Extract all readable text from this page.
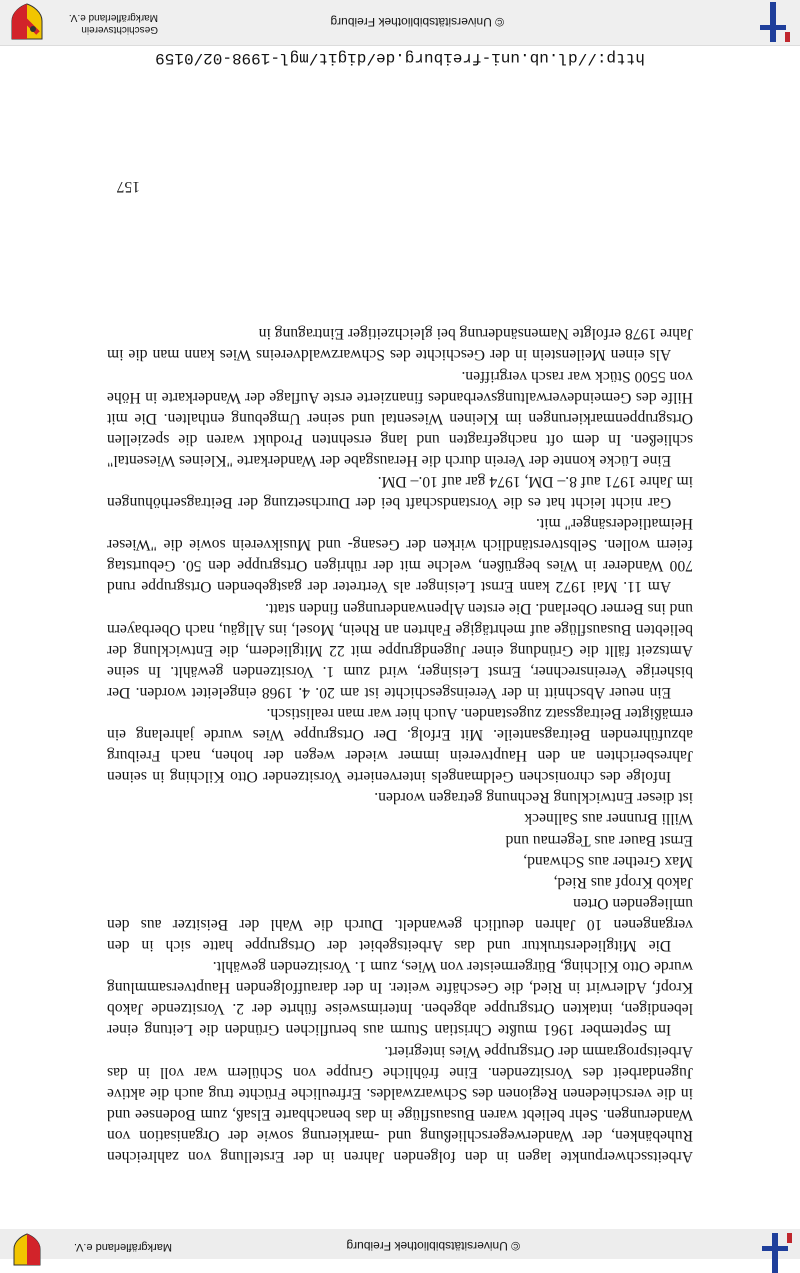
© Universitätsbibliothek Freiburg
Markgräflerland e.V.

Arbeitsschwerpunkte lagen in den folgenden Jahren in der Erstellung von zahlreichen Ruhebänken, der Wanderwegerschließung und -markierung sowie der Organisation von Wanderungen. Sehr beliebt waren Busausflüge in das benachbarte Elsaß, zum Bodensee und in die verschiedenen Regionen des Schwarzwaldes. Erfreuliche Früchte trug auch die aktive Jugendarbeit des Vorsitzenden. Eine fröhliche Gruppe von Schülern war voll in das Arbeitsprogramm der Ortsgruppe Wies integriert.

Im September 1961 mußte Christian Sturm aus beruflichen Gründen die Leitung einer lebendigen, intakten Ortsgruppe abgeben. Interimsweise führte der 2. Vorsitzende Jakob Kropf, Adlerwirt in Ried, die Geschäfte weiter. In der darauffolgenden Hauptversammlung wurde Otto Kilching, Bürgermeister von Wies, zum 1. Vorsitzenden gewählt.

Die Mitgliederstruktur und das Arbeitsgebiet der Ortsgruppe hatte sich in den vergangenen 10 Jahren deutlich gewandelt. Durch die Wahl der Beisitzer aus den umliegenden Orten

Jakob Kropf aus Ried,
Max Grether aus Schwand,
Ernst Bauer aus Tegernau und
Willi Brunner aus Sallneck

ist dieser Entwicklung Rechnung getragen worden.

Infolge des chronischen Geldmangels intervenierte Vorsitzender Otto Kilching in seinen Jahresberichten an den Hauptverein immer wieder wegen der hohen, nach Freiburg abzuführenden Beitragsanteile. Mit Erfolg. Der Ortsgruppe Wies wurde jahrelang ein ermäßigter Beitragssatz zugestanden. Auch hier war man realistisch.

Ein neuer Abschnitt in der Vereinsgeschichte ist am 20. 4. 1968 eingeleitet worden. Der bisherige Vereinsrechner, Ernst Leisinger, wird zum 1. Vorsitzenden gewählt. In seine Amtszeit fällt die Gründung einer Jugendgruppe mit 22 Mitgliedern, die Entwicklung der beliebten Busausflüge auf mehrtägige Fahrten an Rhein, Mosel, ins Allgäu, nach Oberbayern und ins Berner Oberland. Die ersten Alpenwanderungen finden statt.

Am 11. Mai 1972 kann Ernst Leisinger als Vertreter der gastgebenden Ortsgruppe rund 700 Wanderer in Wies begrüßen, welche mit der rührigen Ortsgruppe den 50. Geburtstag feiern wollen. Selbstverständlich wirken der Gesang- und Musikverein sowie die "Wieser Heimatliedersänger" mit.

Gar nicht leicht hat es die Vorstandschaft bei der Durchsetzung der Beitragserhöhungen im Jahre 1971 auf 8.– DM, 1974 gar auf 10.– DM.

Eine Lücke konnte der Verein durch die Herausgabe der Wanderkarte "Kleines Wiesental" schließen. In dem oft nachgefragten und lang ersehnten Produkt waren die speziellen Ortsgruppenmarkierungen im Kleinen Wiesental und seiner Umgebung enthalten. Die mit Hilfe des Gemeindeverwaltungsverbandes finanzierte erste Auflage der Wanderkarte in Höhe von 5500 Stück war rasch vergriffen.

Als einen Meilenstein in der Geschichte des Schwarzwaldvereins Wies kann man die im Jahre 1978 erfolgte Namensänderung bei gleichzeitiger Eintragung in

157
http://dl.ub.uni-freiburg.de/digit/mgl-1998-02/0159
© Universitätsbibliothek Freiburg
Geschichtsverein
Markgräflerland e.V.
